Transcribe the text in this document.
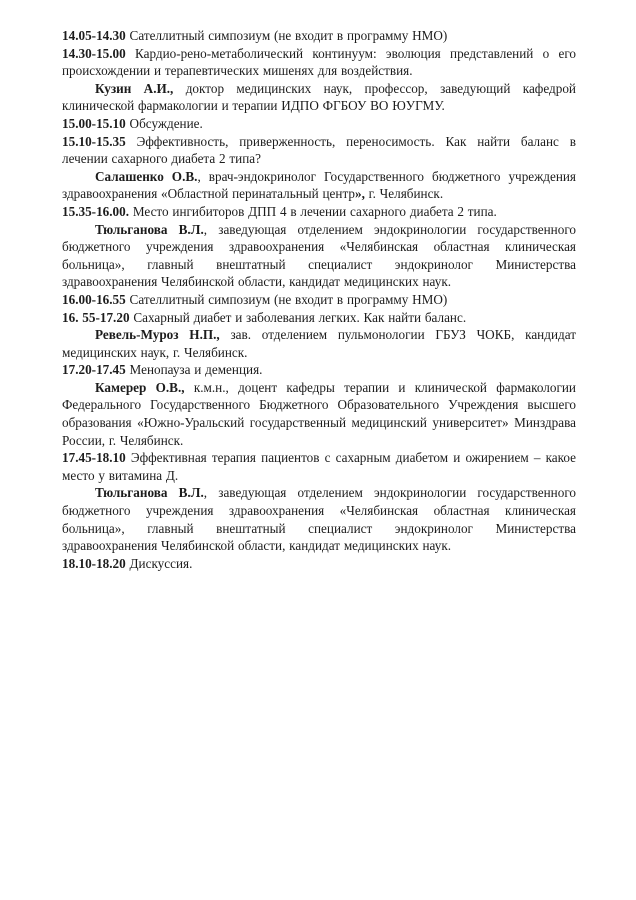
14.05-14.30 Сателлитный симпозиум (не входит в программу НМО)

14.30-15.00 Кардио-рено-метаболический континуум: эволюция представлений о его происхождении и терапевтических мишенях для воздействия.

Кузин А.И., доктор медицинских наук, профессор, заведующий кафедрой клинической фармакологии и терапии ИДПО ФГБОУ ВО ЮУГМУ.

15.00-15.10 Обсуждение.

15.10-15.35 Эффективность, приверженность, переносимость. Как найти баланс в лечении сахарного диабета 2 типа?

Салашенко О.В., врач-эндокринолог Государственного бюджетного учреждения здравоохранения «Областной перинатальный центр», г. Челябинск.

15.35-16.00. Место ингибиторов ДПП 4 в лечении сахарного диабета 2 типа.

Тюльганова В.Л., заведующая отделением эндокринологии государственного бюджетного учреждения здравоохранения «Челябинская областная клиническая больница», главный внештатный специалист эндокринолог Министерства здравоохранения Челябинской области, кандидат медицинских наук.

16.00-16.55 Сателлитный симпозиум (не входит в программу НМО)

16. 55-17.20 Сахарный диабет и заболевания легких. Как найти баланс.

Ревель-Муроз Н.П., зав. отделением пульмонологии ГБУЗ ЧОКБ, кандидат медицинских наук, г. Челябинск.

17.20-17.45 Менопауза и деменция.

Камерер О.В., к.м.н., доцент кафедры терапии и клинической фармакологии Федерального Государственного Бюджетного Образовательного Учреждения высшего образования «Южно-Уральский государственный медицинский университет» Минздрава России, г. Челябинск.

17.45-18.10 Эффективная терапия пациентов с сахарным диабетом и ожирением – какое место у витамина Д.

Тюльганова В.Л., заведующая отделением эндокринологии государственного бюджетного учреждения здравоохранения «Челябинская областная клиническая больница», главный внештатный специалист эндокринолог Министерства здравоохранения Челябинской области, кандидат медицинских наук.

18.10-18.20 Дискуссия.
